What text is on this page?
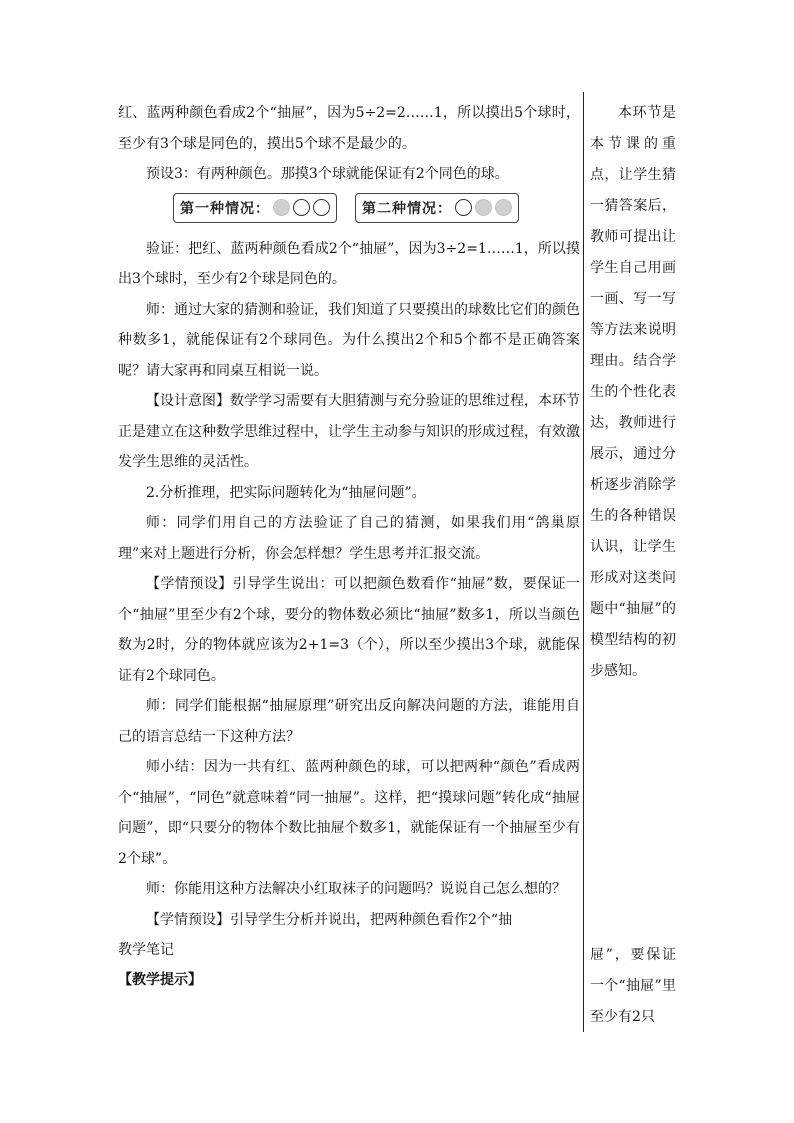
红、蓝两种颜色看成2个“抽屉”，因为5÷2=2……1，所以摸出5个球时，至少有3个球是同色的，摸出5个球不是最少的。

预设3：有两种颜色。那摸3个球就能保证有2个同色的球。

第一种情况：	第二种情况：

验证：把红、蓝两种颜色看成2个“抽屉”，因为3÷2=1……1，所以摸出3个球时，至少有2个球是同色的。

师：通过大家的猜测和验证，我们知道了只要摸出的球数比它们的颜色种数多1，就能保证有2个球同色。为什么摸出2个和5个都不是正确答案呢？请大家再和同桌互相说一说。

【设计意图】数学学习需要有大胆猜测与充分验证的思维过程，本环节正是建立在这种数学思维过程中，让学生主动参与知识的形成过程，有效激发学生思维的灵活性。

2.分析推理，把实际问题转化为“抽屉问题”。

师：同学们用自己的方法验证了自己的猜测，如果我们用“鸽巢原理”来对上题进行分析，你会怎样想？学生思考并汇报交流。

【学情预设】引导学生说出：可以把颜色数看作“抽屉”数，要保证一个“抽屉”里至少有2个球，要分的物体数必须比“抽屉”数多1，所以当颜色数为2时，分的物体就应该为2+1=3（个），所以至少摸出3个球，就能保证有2个球同色。

师：同学们能根据“抽屉原理”研究出反向解决问题的方法，谁能用自己的语言总结一下这种方法？

师小结：因为一共有红、蓝两种颜色的球，可以把两种“颜色”看成两个“抽屉”，“同色”就意味着“同一抽屉”。这样，把“摸球问题”转化成“抽屉问题”，即“只要分的物体个数比抽屉个数多1，就能保证有一个抽屉至少有2个球”。

师：你能用这种方法解决小红取袜子的问题吗？说说自己怎么想的？

【学情预设】引导学生分析并说出，把两种颜色看作2个“抽

教学笔记
【教学提示】
本环节是本节课的重点，让学生猜一猜答案后，教师可提出让学生自己用画一画、写一写等方法来说明理由。结合学生的个性化表达，教师进行展示，通过分析逐步消除学生的各种错误认识，让学生形成对这类问题中“抽屉”的模型结构的初步感知。
屉”，要保证一个“抽屉”里至少有2只
